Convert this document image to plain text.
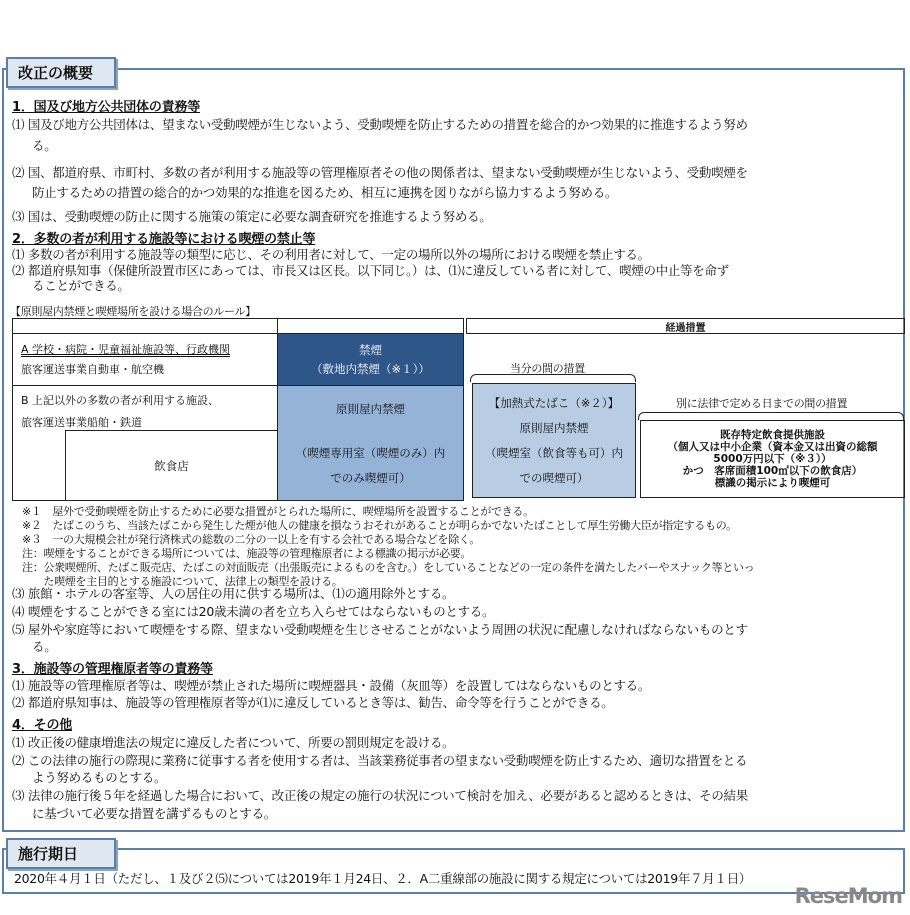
改正の概要
1．国及び地方公共団体の責務等
⑴ 国及び地方公共団体は、望まない受動喫煙が生じないよう、受動喫煙を防止するための措置を総合的かつ効果的に推進するよう努め
る。
⑵ 国、都道府県、市町村、多数の者が利用する施設等の管理権原者その他の関係者は、望まない受動喫煙が生じないよう、受動喫煙を
防止するための措置の総合的かつ効果的な推進を図るため、相互に連携を図りながら協力するよう努める。
⑶ 国は、受動喫煙の防止に関する施策の策定に必要な調査研究を推進するよう努める。
2．多数の者が利用する施設等における喫煙の禁止等
⑴ 多数の者が利用する施設等の類型に応じ、その利用者に対して、一定の場所以外の場所における喫煙を禁止する。
⑵ 都道府県知事（保健所設置市区にあっては、市長又は区長。以下同じ。）は、⑴に違反している者に対して、喫煙の中止等を命ず
ることができる。
【原則屋内禁煙と喫煙場所を設ける場合のルール】
経過措置
A 学校・病院・児童福祉施設等、行政機関
旅客運送事業自動車・航空機
禁煙
（敷地内禁煙（※１））
B 上記以外の多数の者が利用する施設、
旅客運送事業船舶・鉄道
飲食店
原則屋内禁煙
（喫煙専用室（喫煙のみ）内
でのみ喫煙可）
当分の間の措置
【加熱式たばこ（※２）】
原則屋内禁煙
（喫煙室（飲食等も可）内
での喫煙可）
別に法律で定める日までの間の措置
既存特定飲食提供施設
（個人又は中小企業（資本金又は出資の総額
5000万円以下（※３））
かつ　客席面積100㎡以下の飲食店）
標識の掲示により喫煙可
※１　屋外で受動喫煙を防止するために必要な措置がとられた場所に、喫煙場所を設置することができる。
※２　たばこのうち、当該たばこから発生した煙が他人の健康を損なうおそれがあることが明らかでないたばことして厚生労働大臣が指定するもの。
※３　一の大規模会社が発行済株式の総数の二分の一以上を有する会社である場合などを除く。
注：喫煙をすることができる場所については、施設等の管理権原者による標識の掲示が必要。
注：公衆喫煙所、たばこ販売店、たばこの対面販売（出張販売によるものを含む。）をしていることなどの一定の条件を満たしたバーやスナック等といっ
　　た喫煙を主目的とする施設について、法律上の類型を設ける。
⑶ 旅館・ホテルの客室等、人の居住の用に供する場所は、⑴の適用除外とする。
⑷ 喫煙をすることができる室には20歳未満の者を立ち入らせてはならないものとする。
⑸ 屋外や家庭等において喫煙をする際、望まない受動喫煙を生じさせることがないよう周囲の状況に配慮しなければならないものとす
る。
3．施設等の管理権原者等の責務等
⑴ 施設等の管理権原者等は、喫煙が禁止された場所に喫煙器具・設備（灰皿等）を設置してはならないものとする。
⑵ 都道府県知事は、施設等の管理権原者等が⑴に違反しているとき等は、勧告、命令等を行うことができる。
4．その他
⑴ 改正後の健康増進法の規定に違反した者について、所要の罰則規定を設ける。
⑵ この法律の施行の際現に業務に従事する者を使用する者は、当該業務従事者の望まない受動喫煙を防止するため、適切な措置をとる
よう努めるものとする。
⑶ 法律の施行後５年を経過した場合において、改正後の規定の施行の状況について検討を加え、必要があると認めるときは、その結果
に基づいて必要な措置を講ずるものとする。
施行期日
2020年４月１日（ただし、１及び２⑸については2019年１月24日、２．A二重線部の施設に関する規定については2019年７月１日）
ReseMom
